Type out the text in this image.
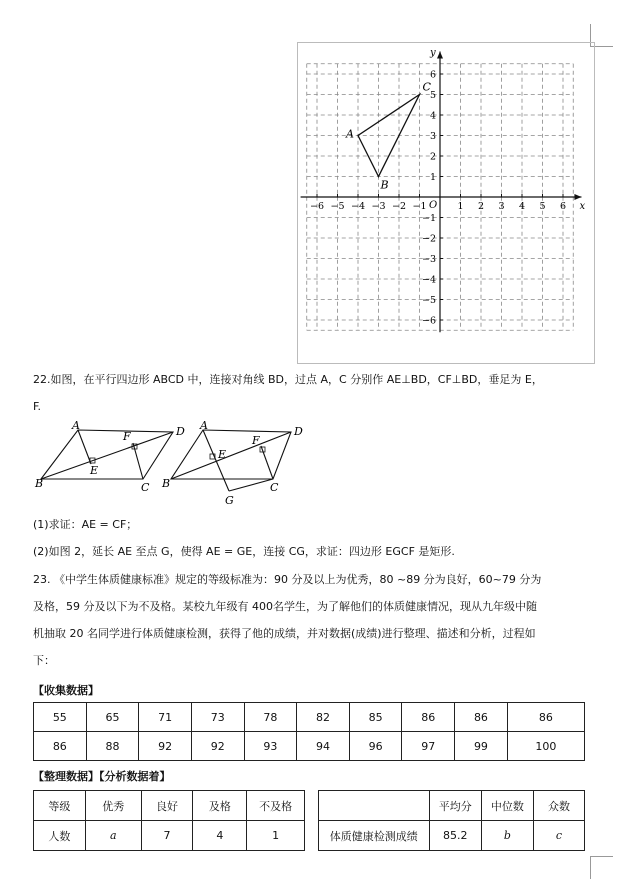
x
y
O
−6 −5 −4 −3 −2 −1	1 2 3 4 5 6
−6
−5
−4
−3
−2
−1
1
2
3
4
5
6
A
B
C
22.如图，在平行四边形 ABCD 中，连接对角线 BD，过点 A，C 分别作 AE⊥BD，CF⊥BD，垂足为 E，
F.
A	D
B	C
E
F
A	D
B	C
E
F
G
(1)求证：AE = CF；
(2)如图 2，延长 AE 至点 G，使得 AE = GE，连接 CG，求证：四边形 EGCF 是矩形.
23. 《中学生体质健康标准》规定的等级标准为：90 分及以上为优秀，80 ~89 分为良好，60~79 分为
及格，59 分及以下为不及格。某校九年级有 400名学生，为了解他们的体质健康情况，现从九年级中随
机抽取 20 名同学进行体质健康检测，获得了他的成绩，并对数据(成绩)进行整理、描述和分析，过程如
下：
【收集数据】
55	65	71	73	78	82	85	86	86	86
86	88	92	92	93	94	96	97	99	100
【整理数据】【分析数据着】
等级	优秀	良好	及格	不及格
人数	a	7	4	1
	平均分	中位数	众数
体质健康检测成绩	85.2	b	c
